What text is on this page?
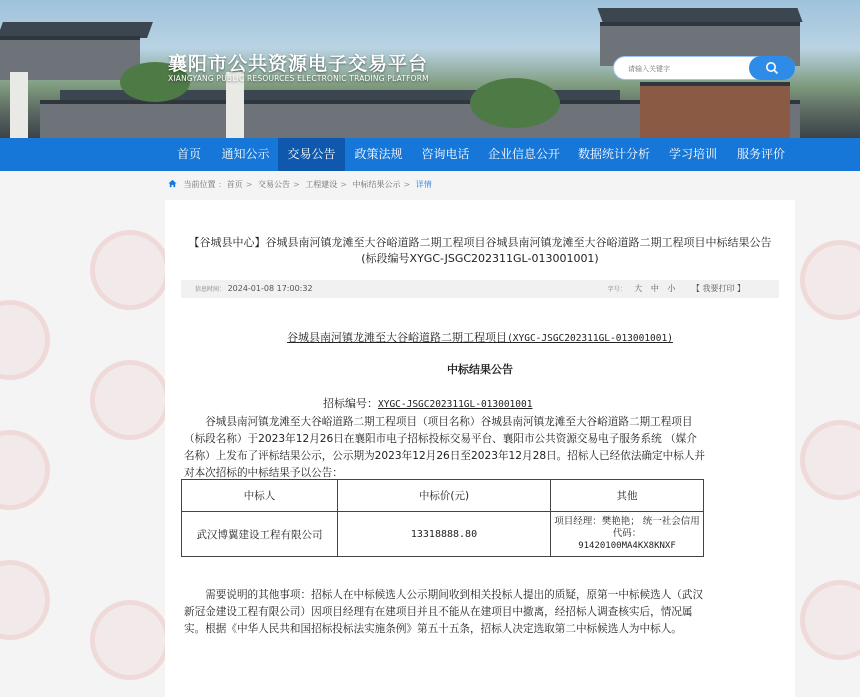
襄阳市公共资源电子交易平台
XIANGYANG PUBLIC RESOURCES ELECTRONIC TRADING PLATFORM
请输入关键字
首页	通知公示	交易公告	政策法规	咨询电话	企业信息公开	数据统计分析	学习培训	服务评价
当前位置 : 首页 > 交易公告 > 工程建设 > 中标结果公示 > 详情
【谷城县中心】谷城县南河镇龙滩至大谷峪道路二期工程项目谷城县南河镇龙滩至大谷峪道路二期工程项目中标结果公告(标段编号XYGC-JSGC202311GL-013001001)
信息时间： 2024-01-08 17:00:32	字号： 大 中 小 【 我要打印 】
谷城县南河镇龙滩至大谷峪道路二期工程项目(XYGC-JSGC202311GL-013001001)
中标结果公告
招标编号：XYGC-JSGC202311GL-013001001
谷城县南河镇龙滩至大谷峪道路二期工程项目（项目名称）谷城县南河镇龙滩至大谷峪道路二期工程项目（标段名称）于2023年12月26日在襄阳市电子招标投标交易平台、襄阳市公共资源交易电子服务系统 （媒介名称）上发布了评标结果公示，公示期为2023年12月26日至2023年12月28日。招标人已经依法确定中标人并对本次招标的中标结果予以公告：
中标人	中标价(元)	其他
武汉博翼建设工程有限公司	13318888.80	项目经理：樊艳艳； 统一社会信用代码：
91420100MA4KX8KNXF
需要说明的其他事项：招标人在中标候选人公示期间收到相关投标人提出的质疑，原第一中标候选人（武汉新冠金建设工程有限公司）因项目经理有在建项目并且不能从在建项目中撤离，经招标人调查核实后，情况属实。根据《中华人民共和国招标投标法实施条例》第五十五条，招标人决定选取第二中标候选人为中标人。
